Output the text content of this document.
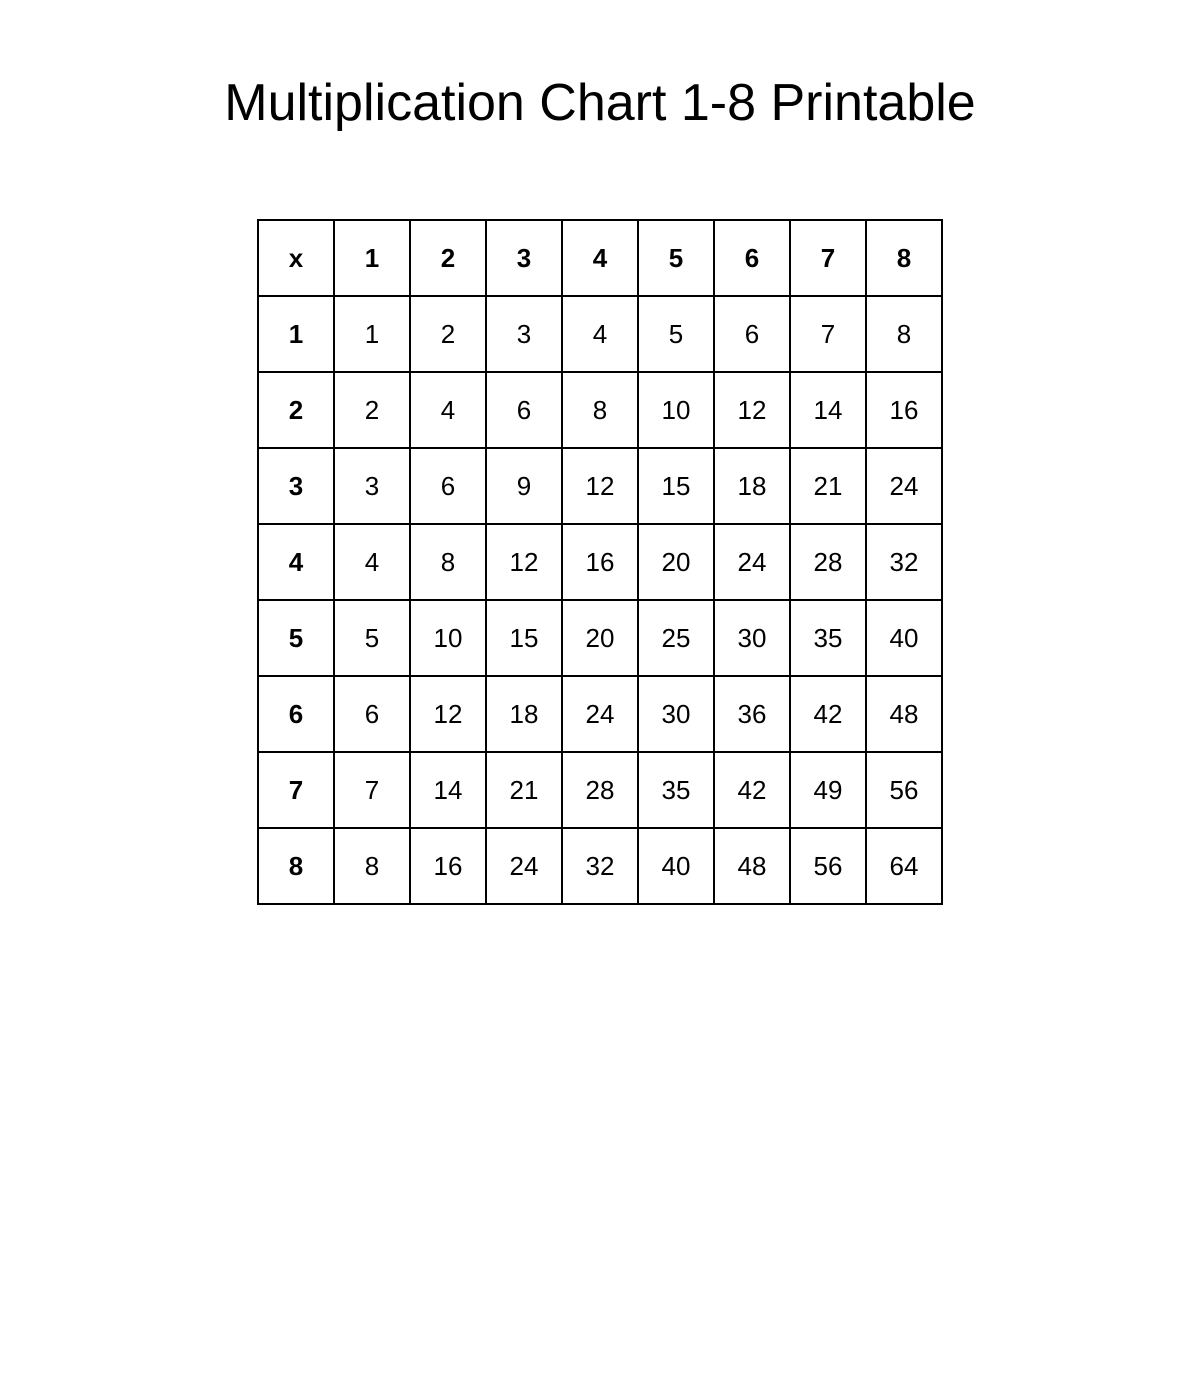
Multiplication Chart 1-8 Printable
x	1	2	3	4	5	6	7	8
1	1	2	3	4	5	6	7	8
2	2	4	6	8	10	12	14	16
3	3	6	9	12	15	18	21	24
4	4	8	12	16	20	24	28	32
5	5	10	15	20	25	30	35	40
6	6	12	18	24	30	36	42	48
7	7	14	21	28	35	42	49	56
8	8	16	24	32	40	48	56	64
